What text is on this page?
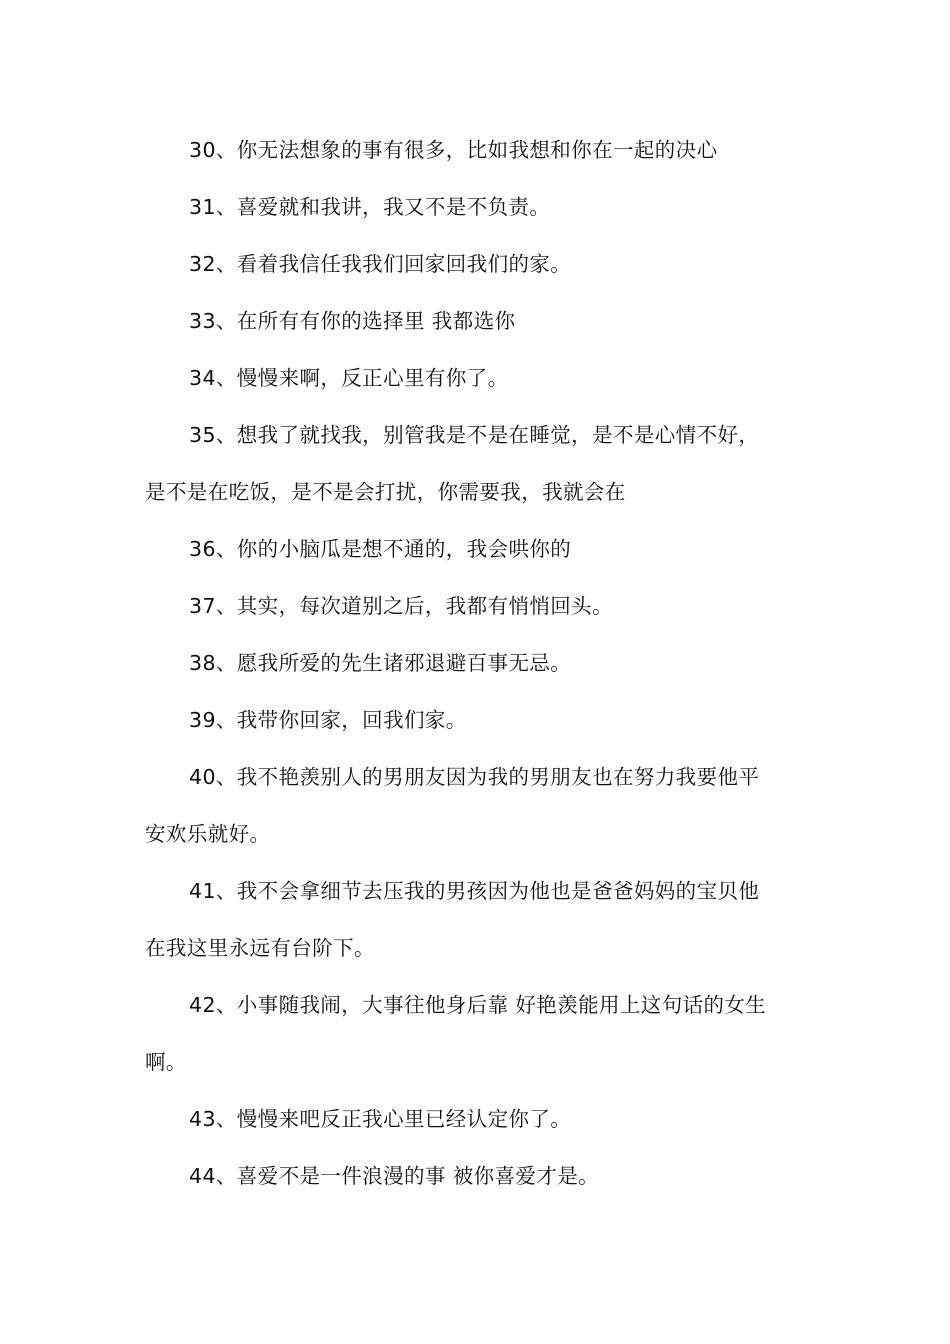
30、你无法想象的事有很多，比如我想和你在一起的决心

31、喜爱就和我讲，我又不是不负责。

32、看着我信任我我们回家回我们的家。

33、在所有有你的选择里 我都选你

34、慢慢来啊，反正心里有你了。

35、想我了就找我，别管我是不是在睡觉，是不是心情不好，
是不是在吃饭，是不是会打扰，你需要我，我就会在

36、你的小脑瓜是想不通的，我会哄你的

37、其实，每次道别之后，我都有悄悄回头。

38、愿我所爱的先生诸邪退避百事无忌。

39、我带你回家，回我们家。

40、我不艳羡别人的男朋友因为我的男朋友也在努力我要他平
安欢乐就好。

41、我不会拿细节去压我的男孩因为他也是爸爸妈妈的宝贝他
在我这里永远有台阶下。

42、小事随我闹，大事往他身后靠 好艳羡能用上这句话的女生
啊。

43、慢慢来吧反正我心里已经认定你了。

44、喜爱不是一件浪漫的事 被你喜爱才是。
